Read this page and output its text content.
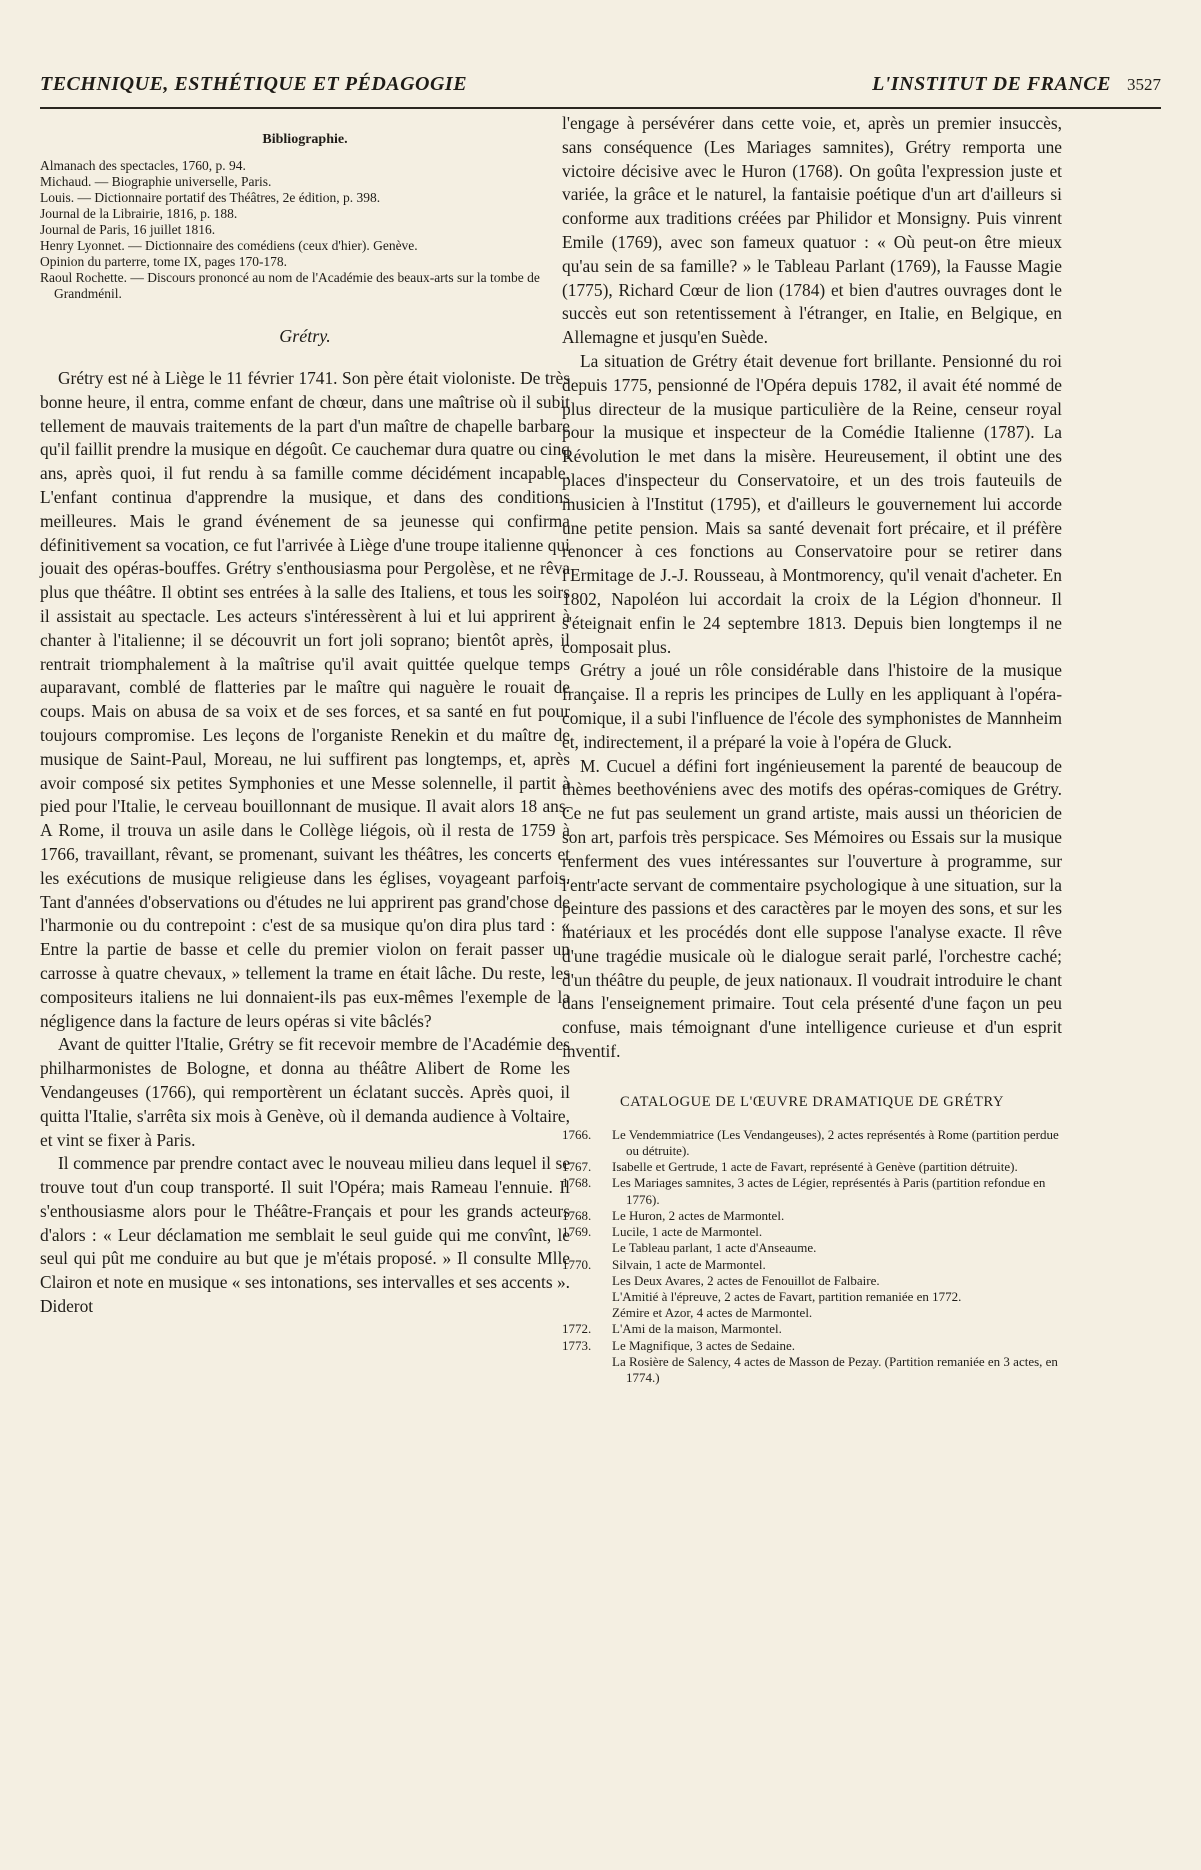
TECHNIQUE, ESTHÉTIQUE ET PÉDAGOGIE	L'INSTITUT DE FRANCE 3527
Bibliographie.

Almanach des spectacles, 1760, p. 94.

Michaud. — Biographie universelle, Paris.

Louis. — Dictionnaire portatif des Théâtres, 2e édition, p. 398.

Journal de la Librairie, 1816, p. 188.

Journal de Paris, 16 juillet 1816.

Henry Lyonnet. — Dictionnaire des comédiens (ceux d'hier). Genève.

Opinion du parterre, tome IX, pages 170-178.

Raoul Rochette. — Discours prononcé au nom de l'Académie des beaux-arts sur la tombe de Grandménil.

Grétry.

Grétry est né à Liège le 11 février 1741. Son père était violoniste. De très bonne heure, il entra, comme enfant de chœur, dans une maîtrise où il subit tellement de mauvais traitements de la part d'un maître de chapelle barbare qu'il faillit prendre la musique en dégoût. Ce cauchemar dura quatre ou cinq ans, après quoi, il fut rendu à sa famille comme décidément incapable. L'enfant continua d'apprendre la musique, et dans des conditions meilleures. Mais le grand événement de sa jeunesse qui confirma définitivement sa vocation, ce fut l'arrivée à Liège d'une troupe italienne qui jouait des opéras-bouffes. Grétry s'enthousiasma pour Pergolèse, et ne rêva plus que théâtre. Il obtint ses entrées à la salle des Italiens, et tous les soirs il assistait au spectacle. Les acteurs s'intéressèrent à lui et lui apprirent à chanter à l'italienne; il se découvrit un fort joli soprano; bientôt après, il rentrait triomphalement à la maîtrise qu'il avait quittée quelque temps auparavant, comblé de flatteries par le maître qui naguère le rouait de coups. Mais on abusa de sa voix et de ses forces, et sa santé en fut pour toujours compromise. Les leçons de l'organiste Renekin et du maître de musique de Saint-Paul, Moreau, ne lui suffirent pas longtemps, et, après avoir composé six petites Symphonies et une Messe solennelle, il partit à pied pour l'Italie, le cerveau bouillonnant de musique. Il avait alors 18 ans. A Rome, il trouva un asile dans le Collège liégois, où il resta de 1759 à 1766, travaillant, rêvant, se promenant, suivant les théâtres, les concerts et les exécutions de musique religieuse dans les églises, voyageant parfois. Tant d'années d'observations ou d'études ne lui apprirent pas grand'chose de l'harmonie ou du contrepoint : c'est de sa musique qu'on dira plus tard : « Entre la partie de basse et celle du premier violon on ferait passer un carrosse à quatre chevaux, » tellement la trame en était lâche. Du reste, les compositeurs italiens ne lui donnaient-ils pas eux-mêmes l'exemple de la négligence dans la facture de leurs opéras si vite bâclés?

Avant de quitter l'Italie, Grétry se fit recevoir membre de l'Académie des philharmonistes de Bologne, et donna au théâtre Alibert de Rome les Vendangeuses (1766), qui remportèrent un éclatant succès. Après quoi, il quitta l'Italie, s'arrêta six mois à Genève, où il demanda audience à Voltaire, et vint se fixer à Paris.

Il commence par prendre contact avec le nouveau milieu dans lequel il se trouve tout d'un coup transporté. Il suit l'Opéra; mais Rameau l'ennuie. Il s'enthousiasme alors pour le Théâtre-Français et pour les grands acteurs d'alors : « Leur déclamation me semblait le seul guide qui me convînt, le seul qui pût me conduire au but que je m'étais proposé. » Il consulte Mlle Clairon et note en musique « ses intonations, ses intervalles et ses accents ». Diderot

l'engage à persévérer dans cette voie, et, après un premier insuccès, sans conséquence (Les Mariages samnites), Grétry remporta une victoire décisive avec le Huron (1768). On goûta l'expression juste et variée, la grâce et le naturel, la fantaisie poétique d'un art d'ailleurs si conforme aux traditions créées par Philidor et Monsigny. Puis vinrent Emile (1769), avec son fameux quatuor : « Où peut-on être mieux qu'au sein de sa famille? » le Tableau Parlant (1769), la Fausse Magie (1775), Richard Cœur de lion (1784) et bien d'autres ouvrages dont le succès eut son retentissement à l'étranger, en Italie, en Belgique, en Allemagne et jusqu'en Suède.

La situation de Grétry était devenue fort brillante. Pensionné du roi depuis 1775, pensionné de l'Opéra depuis 1782, il avait été nommé de plus directeur de la musique particulière de la Reine, censeur royal pour la musique et inspecteur de la Comédie Italienne (1787). La Révolution le met dans la misère. Heureusement, il obtint une des places d'inspecteur du Conservatoire, et un des trois fauteuils de musicien à l'Institut (1795), et d'ailleurs le gouvernement lui accorde une petite pension. Mais sa santé devenait fort précaire, et il préfère renoncer à ces fonctions au Conservatoire pour se retirer dans l'Ermitage de J.-J. Rousseau, à Montmorency, qu'il venait d'acheter. En 1802, Napoléon lui accordait la croix de la Légion d'honneur. Il s'éteignait enfin le 24 septembre 1813. Depuis bien longtemps il ne composait plus.

Grétry a joué un rôle considérable dans l'histoire de la musique française. Il a repris les principes de Lully en les appliquant à l'opéra-comique, il a subi l'influence de l'école des symphonistes de Mannheim et, indirectement, il a préparé la voie à l'opéra de Gluck.

M. Cucuel a défini fort ingénieusement la parenté de beaucoup de thèmes beethovéniens avec des motifs des opéras-comiques de Grétry. Ce ne fut pas seulement un grand artiste, mais aussi un théoricien de son art, parfois très perspicace. Ses Mémoires ou Essais sur la musique renferment des vues intéressantes sur l'ouverture à programme, sur l'entr'acte servant de commentaire psychologique à une situation, sur la peinture des passions et des caractères par le moyen des sons, et sur les matériaux et les procédés dont elle suppose l'analyse exacte. Il rêve d'une tragédie musicale où le dialogue serait parlé, l'orchestre caché; d'un théâtre du peuple, de jeux nationaux. Il voudrait introduire le chant dans l'enseignement primaire. Tout cela présenté d'une façon un peu confuse, mais témoignant d'une intelligence curieuse et d'un esprit inventif.

CATALOGUE DE L'ŒUVRE DRAMATIQUE DE GRÉTRY
1766.	Le Vendemmiatrice (Les Vendangeuses), 2 actes représentés à Rome (partition perdue ou détruite).
1767.	Isabelle et Gertrude, 1 acte de Favart, représenté à Genève (partition détruite).
1768.	Les Mariages samnites, 3 actes de Légier, représentés à Paris (partition refondue en 1776).
1768.	Le Huron, 2 actes de Marmontel.
1769.	Lucile, 1 acte de Marmontel.
Le Tableau parlant, 1 acte d'Anseaume.
1770.	Silvain, 1 acte de Marmontel.
Les Deux Avares, 2 actes de Fenouillot de Falbaire.
L'Amitié à l'épreuve, 2 actes de Favart, partition remaniée en 1772.
Zémire et Azor, 4 actes de Marmontel.
1772.	L'Ami de la maison, Marmontel.
1773.	Le Magnifique, 3 actes de Sedaine.
La Rosière de Salency, 4 actes de Masson de Pezay. (Partition remaniée en 3 actes, en 1774.)
